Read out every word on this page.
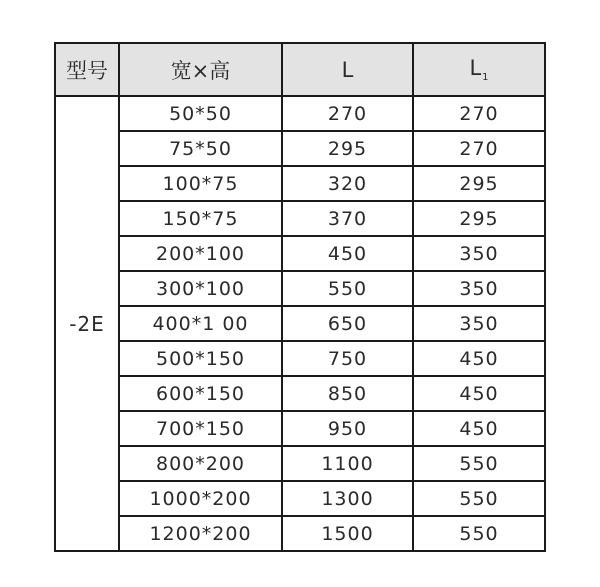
型号	宽×高	L	$L_1$
-2E	50*50	270	270
	75*50	295	270
	100*75	320	295
	150*75	370	295
	200*100	450	350
	300*100	550	350
	400*1 00	650	350
	500*150	750	450
	600*150	850	450
	700*150	950	450
	800*200	1100	550
	1000*200	1300	550
	1200*200	1500	550
